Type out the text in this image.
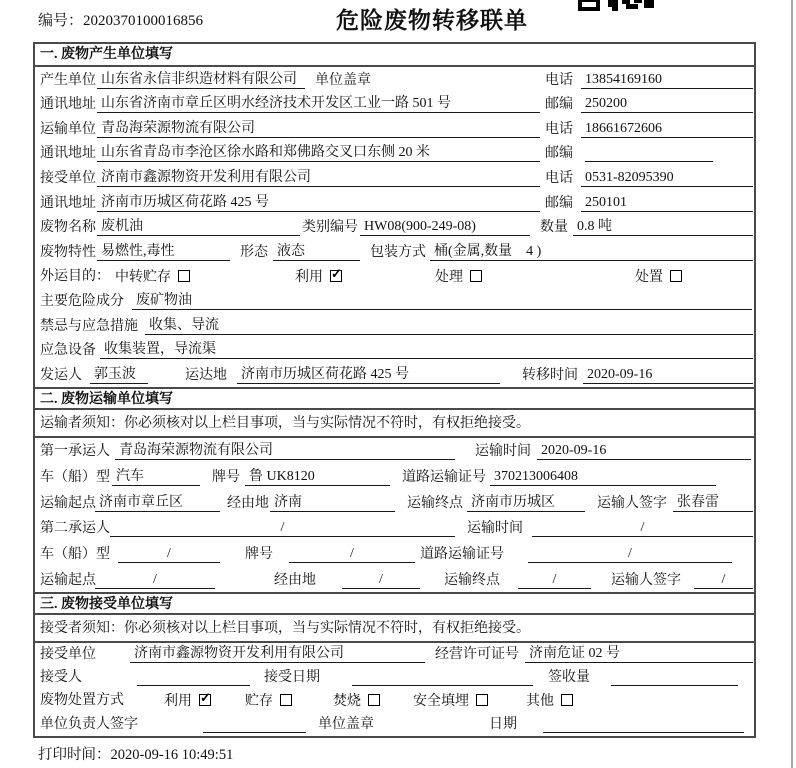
编号：2020370100016856	危险废物转移联单
一. 废物产生单位填写
产生单位 山东省永信非织造材料有限公司	单位盖章	电话 13854169160
通讯地址 山东省济南市章丘区明水经济技术开发区工业一路 501 号	邮编 250200
运输单位 青岛海荣源物流有限公司	电话 18661672606
通讯地址 山东省青岛市李沧区徐水路和郑佛路交叉口东侧 20 米	邮编
接受单位 济南市鑫源物资开发利用有限公司	电话 0531-82095390
通讯地址 济南市历城区荷花路 425 号	邮编 250101
废物名称 废机油	类别编号 HW08(900-249-08)	数量 0.8 吨
废物特性 易燃性,毒性	形态 液态	包装方式 桶(金属,数量　4 )
外运目的： 中转贮存	利用 ✓	处理	处置
主要危险成分 废矿物油
禁忌与应急措施 收集、导流
应急设备 收集装置，导流渠
发运人 郭玉波	运达地 济南市历城区荷花路 425 号	转移时间 2020-09-16
二. 废物运输单位填写
运输者须知：你必须核对以上栏目事项，当与实际情况不符时，有权拒绝接受。
第一承运人 青岛海荣源物流有限公司	运输时间 2020-09-16
车（船）型 汽车	牌号 鲁 UK8120	道路运输证号 370213006408
运输起点 济南市章丘区	经由地 济南	运输终点 济南市历城区	运输人签字 张春雷
第二承运人	/	运输时间	/
车（船）型	/	牌号	/	道路运输证号	/
运输起点	/	经由地	/	运输终点	/	运输人签字	/
三. 废物接受单位填写
接受者须知：你必须核对以上栏目事项，当与实际情况不符时，有权拒绝接受。
接受单位	济南市鑫源物资开发利用有限公司	经营许可证号 济南危证 02 号
接受人	接受日期	签收量
废物处置方式	利用 ✓	贮存	焚烧	安全填埋	其他
单位负责人签字	单位盖章	日期
打印时间：2020-09-16 10:49:51
